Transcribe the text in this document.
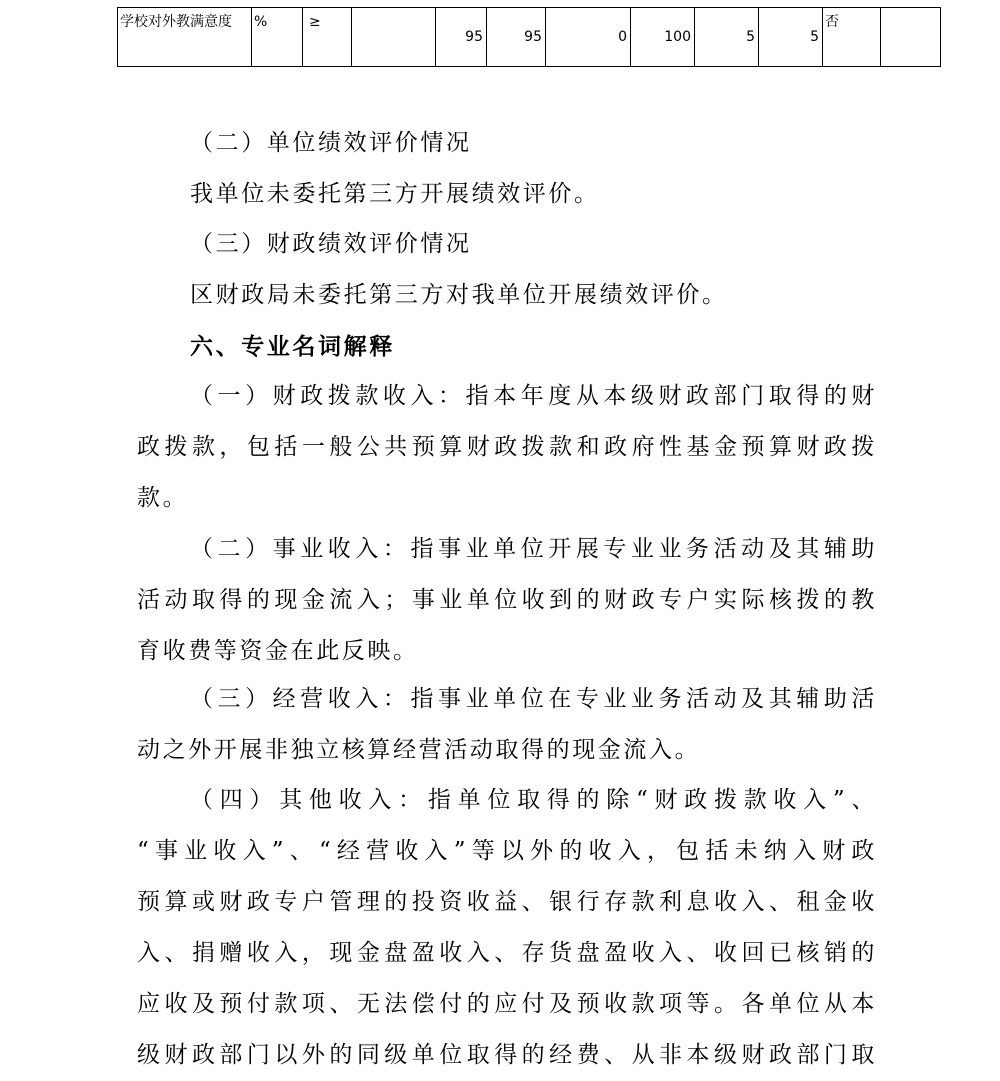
学校对外教满意度	%	≥		95	95	0	100	5	5	否	
（二）单位绩效评价情况
我单位未委托第三方开展绩效评价。
（三）财政绩效评价情况
区财政局未委托第三方对我单位开展绩效评价。
六、专业名词解释
（一）财政拨款收入：指本年度从本级财政部门取得的财
政拨款，包括一般公共预算财政拨款和政府性基金预算财政拨
款。
（二）事业收入：指事业单位开展专业业务活动及其辅助
活动取得的现金流入；事业单位收到的财政专户实际核拨的教
育收费等资金在此反映。
（三）经营收入：指事业单位在专业业务活动及其辅助活
动之外开展非独立核算经营活动取得的现金流入。
（四）其他收入：指单位取得的除“财政拨款收入”、
“事业收入”、“经营收入”等以外的收入，包括未纳入财政
预算或财政专户管理的投资收益、银行存款利息收入、租金收
入、捐赠收入，现金盘盈收入、存货盘盈收入、收回已核销的
应收及预付款项、无法偿付的应付及预收款项等。各单位从本
级财政部门以外的同级单位取得的经费、从非本级财政部门取
